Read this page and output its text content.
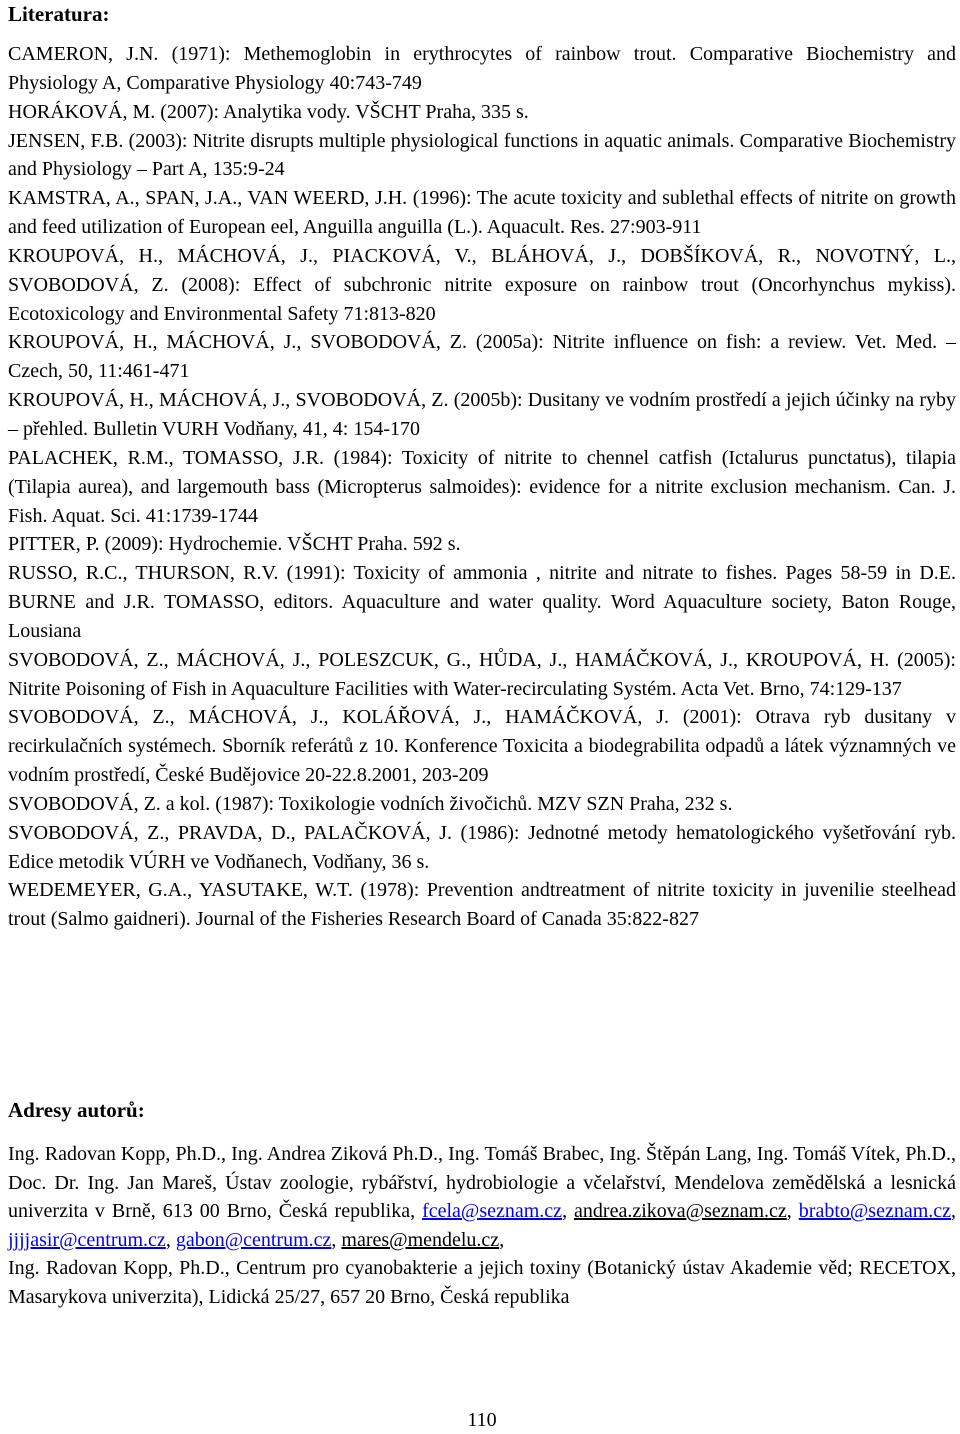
Literatura:

CAMERON, J.N. (1971): Methemoglobin in erythrocytes of rainbow trout. Comparative Biochemistry and Physiology A, Comparative Physiology 40:743-749

HORÁKOVÁ, M. (2007): Analytika vody. VŠCHT Praha, 335 s.

JENSEN, F.B. (2003): Nitrite disrupts multiple physiological functions in aquatic animals. Comparative Biochemistry and Physiology – Part A, 135:9-24

KAMSTRA, A., SPAN, J.A., VAN WEERD, J.H. (1996): The acute toxicity and sublethal effects of nitrite on growth and feed utilization of European eel, Anguilla anguilla (L.). Aquacult. Res. 27:903-911

KROUPOVÁ, H., MÁCHOVÁ, J., PIACKOVÁ, V., BLÁHOVÁ, J., DOBŠÍKOVÁ, R., NOVOTNÝ, L., SVOBODOVÁ, Z. (2008): Effect of subchronic nitrite exposure on rainbow trout (Oncorhynchus mykiss). Ecotoxicology and Environmental Safety 71:813-820

KROUPOVÁ, H., MÁCHOVÁ, J., SVOBODOVÁ, Z. (2005a): Nitrite influence on fish: a review. Vet. Med. – Czech, 50, 11:461-471

KROUPOVÁ, H., MÁCHOVÁ, J., SVOBODOVÁ, Z. (2005b): Dusitany ve vodním prostředí a jejich účinky na ryby – přehled. Bulletin VURH Vodňany, 41, 4: 154-170

PALACHEK, R.M., TOMASSO, J.R. (1984): Toxicity of nitrite to chennel catfish (Ictalurus punctatus), tilapia (Tilapia aurea), and largemouth bass (Micropterus salmoides): evidence for a nitrite exclusion mechanism. Can. J. Fish. Aquat. Sci. 41:1739-1744

PITTER, P. (2009): Hydrochemie. VŠCHT Praha. 592 s.

RUSSO, R.C., THURSON, R.V. (1991): Toxicity of ammonia , nitrite and nitrate to fishes. Pages 58-59 in D.E. BURNE and J.R. TOMASSO, editors. Aquaculture and water quality. Word Aquaculture society, Baton Rouge, Lousiana

SVOBODOVÁ, Z., MÁCHOVÁ, J., POLESZCUK, G., HŮDA, J., HAMÁČKOVÁ, J., KROUPOVÁ, H. (2005): Nitrite Poisoning of Fish in Aquaculture Facilities with Water-recirculating Systém. Acta Vet. Brno, 74:129-137

SVOBODOVÁ, Z., MÁCHOVÁ, J., KOLÁŘOVÁ, J., HAMÁČKOVÁ, J. (2001): Otrava ryb dusitany v recirkulačních systémech. Sborník referátů z 10. Konference Toxicita a biodegrabilita odpadů a látek významných ve vodním prostředí, České Budějovice 20-22.8.2001, 203-209

SVOBODOVÁ, Z. a kol. (1987): Toxikologie vodních živočichů. MZV SZN Praha, 232 s.

SVOBODOVÁ, Z., PRAVDA, D., PALAČKOVÁ, J. (1986): Jednotné metody hematologického vyšetřování ryb. Edice metodik VÚRH ve Vodňanech, Vodňany, 36 s.

WEDEMEYER, G.A., YASUTAKE, W.T. (1978): Prevention andtreatment of nitrite toxicity in juvenilie steelhead trout (Salmo gaidneri). Journal of the Fisheries Research Board of Canada 35:822-827

Adresy autorů:

Ing. Radovan Kopp, Ph.D., Ing. Andrea Ziková Ph.D., Ing. Tomáš Brabec, Ing. Štěpán Lang, Ing. Tomáš Vítek, Ph.D., Doc. Dr. Ing. Jan Mareš, Ústav zoologie, rybářství, hydrobiologie a včelařství, Mendelova zemědělská a lesnická univerzita v Brně, 613 00 Brno, Česká republika, fcela@seznam.cz, andrea.zikova@seznam.cz, brabto@seznam.cz, jjjjasir@centrum.cz, gabon@centrum.cz, mares@mendelu.cz,

Ing. Radovan Kopp, Ph.D., Centrum pro cyanobakterie a jejich toxiny (Botanický ústav Akademie věd; RECETOX, Masarykova univerzita), Lidická 25/27, 657 20 Brno, Česká republika

110
